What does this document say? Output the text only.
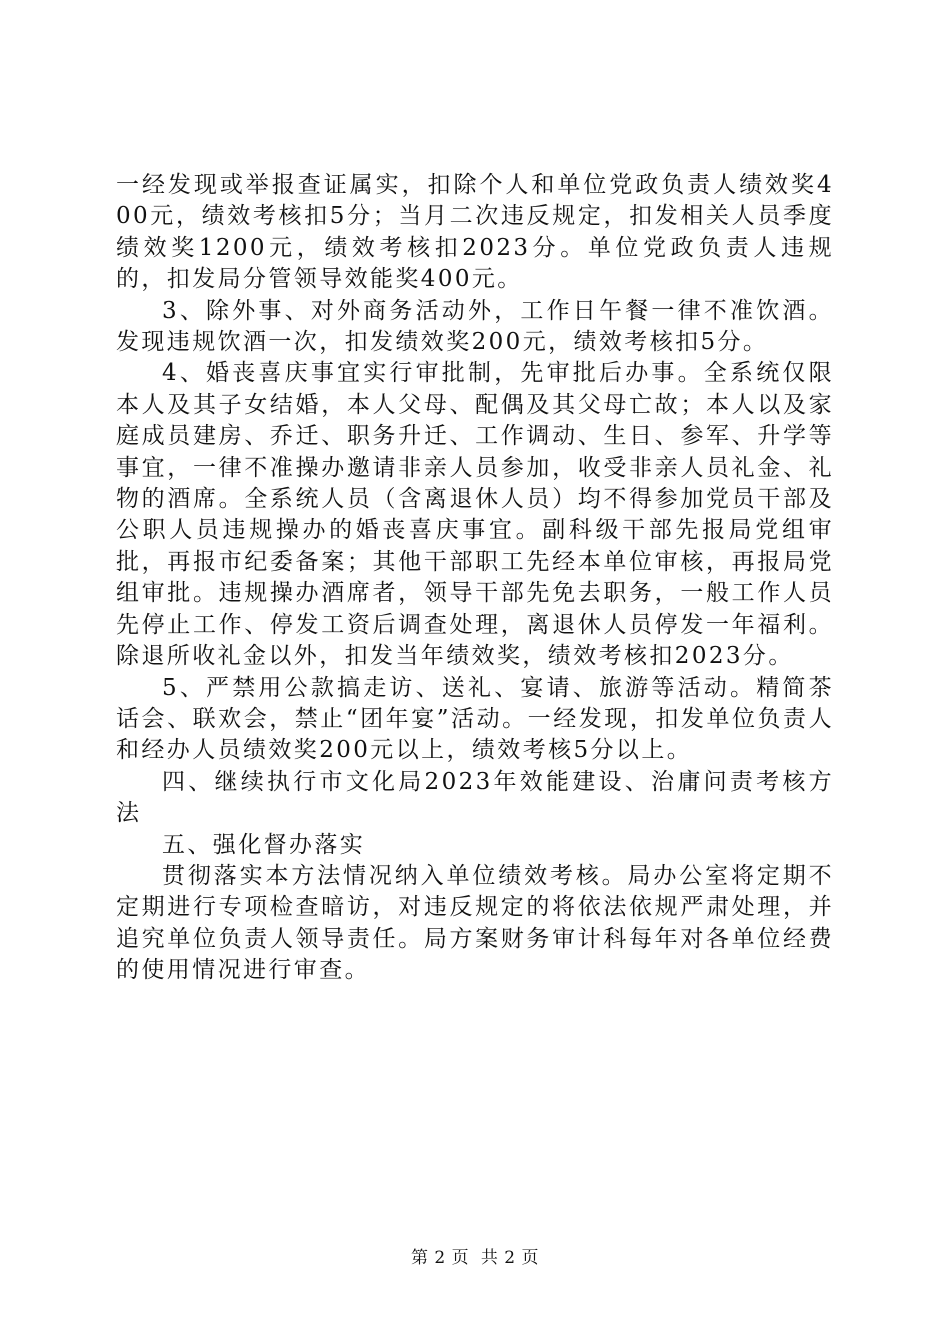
一经发现或举报查证属实，扣除个人和单位党政负责人绩效奖400元，绩效考核扣5分；当月二次违反规定，扣发相关人员季度绩效奖1200元，绩效考核扣2023分。单位党政负责人违规的，扣发局分管领导效能奖400元。

3、除外事、对外商务活动外，工作日午餐一律不准饮酒。发现违规饮酒一次，扣发绩效奖200元，绩效考核扣5分。

4、婚丧喜庆事宜实行审批制，先审批后办事。全系统仅限本人及其子女结婚，本人父母、配偶及其父母亡故；本人以及家庭成员建房、乔迁、职务升迁、工作调动、生日、参军、升学等事宜，一律不准操办邀请非亲人员参加，收受非亲人员礼金、礼物的酒席。全系统人员（含离退休人员）均不得参加党员干部及公职人员违规操办的婚丧喜庆事宜。副科级干部先报局党组审批，再报市纪委备案；其他干部职工先经本单位审核，再报局党组审批。违规操办酒席者，领导干部先免去职务，一般工作人员先停止工作、停发工资后调查处理，离退休人员停发一年福利。除退所收礼金以外，扣发当年绩效奖，绩效考核扣2023分。

5、严禁用公款搞走访、送礼、宴请、旅游等活动。精简茶话会、联欢会，禁止“团年宴”活动。一经发现，扣发单位负责人和经办人员绩效奖200元以上，绩效考核5分以上。

四、继续执行市文化局2023年效能建设、治庸问责考核方法

五、强化督办落实

贯彻落实本方法情况纳入单位绩效考核。局办公室将定期不定期进行专项检查暗访，对违反规定的将依法依规严肃处理，并追究单位负责人领导责任。局方案财务审计科每年对各单位经费的使用情况进行审查。

第 2 页  共 2 页
